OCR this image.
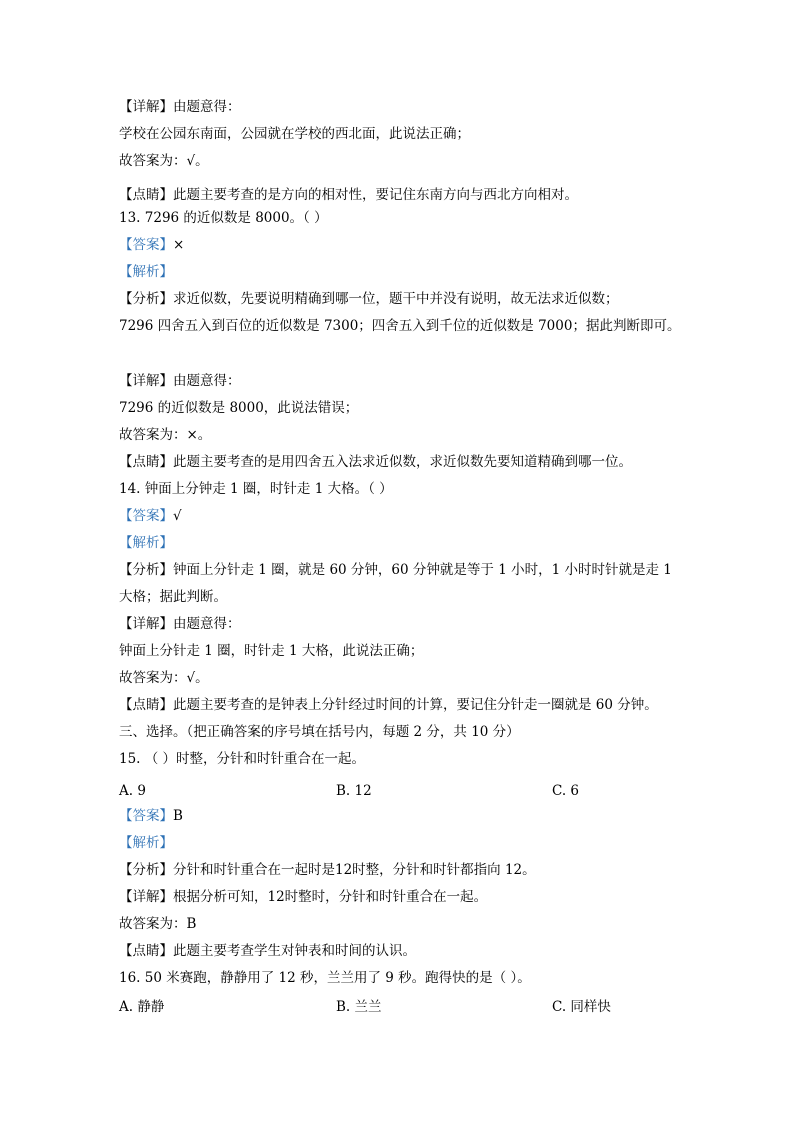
【详解】由题意得：
学校在公园东南面，公园就在学校的西北面，此说法正确；
故答案为：√。
【点睛】此题主要考查的是方向的相对性，要记住东南方向与西北方向相对。
13. 7296 的近似数是 8000。（ ）
【答案】×
【解析】
【分析】求近似数，先要说明精确到哪一位，题干中并没有说明，故无法求近似数；
7296 四舍五入到百位的近似数是 7300；四舍五入到千位的近似数是 7000；据此判断即可。
【详解】由题意得：
7296 的近似数是 8000，此说法错误；
故答案为：×。
【点睛】此题主要考查的是用四舍五入法求近似数，求近似数先要知道精确到哪一位。
14. 钟面上分钟走 1 圈，时针走 1 大格。（ ）
【答案】√
【解析】
【分析】钟面上分针走 1 圈，就是 60 分钟，60 分钟就是等于 1 小时，1 小时时针就是走 1
大格；据此判断。
【详解】由题意得：
钟面上分针走 1 圈，时针走 1 大格，此说法正确；
故答案为：√。
【点睛】此题主要考查的是钟表上分针经过时间的计算，要记住分针走一圈就是 60 分钟。
三、选择。（把正确答案的序号填在括号内，每题 2 分，共 10 分）
15. （ ）时整，分针和时针重合在一起。
【答案】B
【解析】
【分析】分针和时针重合在一起时是12时整，分针和时针都指向 12。
【详解】根据分析可知，12时整时，分针和时针重合在一起。
故答案为：B
【点睛】此题主要考查学生对钟表和时间的认识。
16. 50 米赛跑，静静用了 12 秒，兰兰用了 9 秒。跑得快的是（ ）。
A. 9	B. 12	C. 6
A. 静静	B. 兰兰	C. 同样快
